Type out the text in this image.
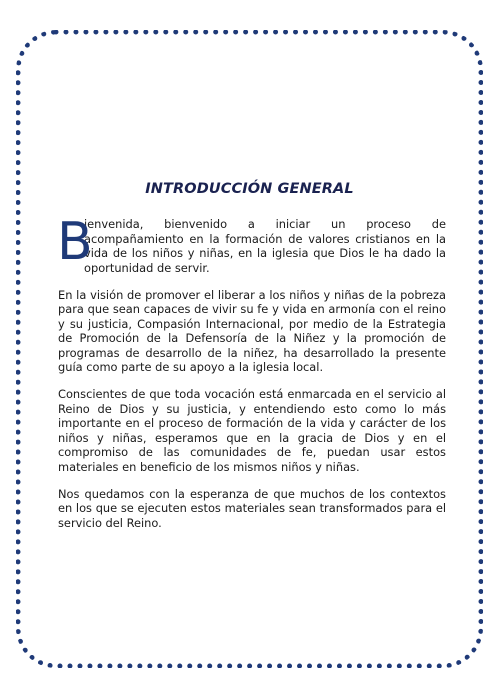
INTRODUCCIÓN GENERAL

B
ienvenida, bienvenido a iniciar un proceso de acompañamiento en la formación de valores cristianos en la vida de los niños y niñas, en la iglesia que Dios le ha dado la oportunidad de servir.

En la visión de promover el liberar a los niños y niñas de la pobreza para que sean capaces de vivir su fe y vida en armonía con el reino y su justicia, Compasión Internacional, por medio de la Estrategia de Promoción de la Defensoría de la Niñez y la promoción de programas de desarrollo de la niñez, ha desarrollado la presente guía como parte de su apoyo a la iglesia local.

Conscientes de que toda vocación está enmarcada en el servicio al Reino de Dios y su justicia, y entendiendo esto como lo más importante en el proceso de formación de la vida y carácter de los niños y niñas, esperamos que en la gracia de Dios y en el compromiso de las comunidades de fe, puedan usar estos materiales en beneficio de los mismos niños y niñas.

Nos quedamos con la esperanza de que muchos de los contextos en los que se ejecuten estos materiales sean transformados para el servicio del Reino.
